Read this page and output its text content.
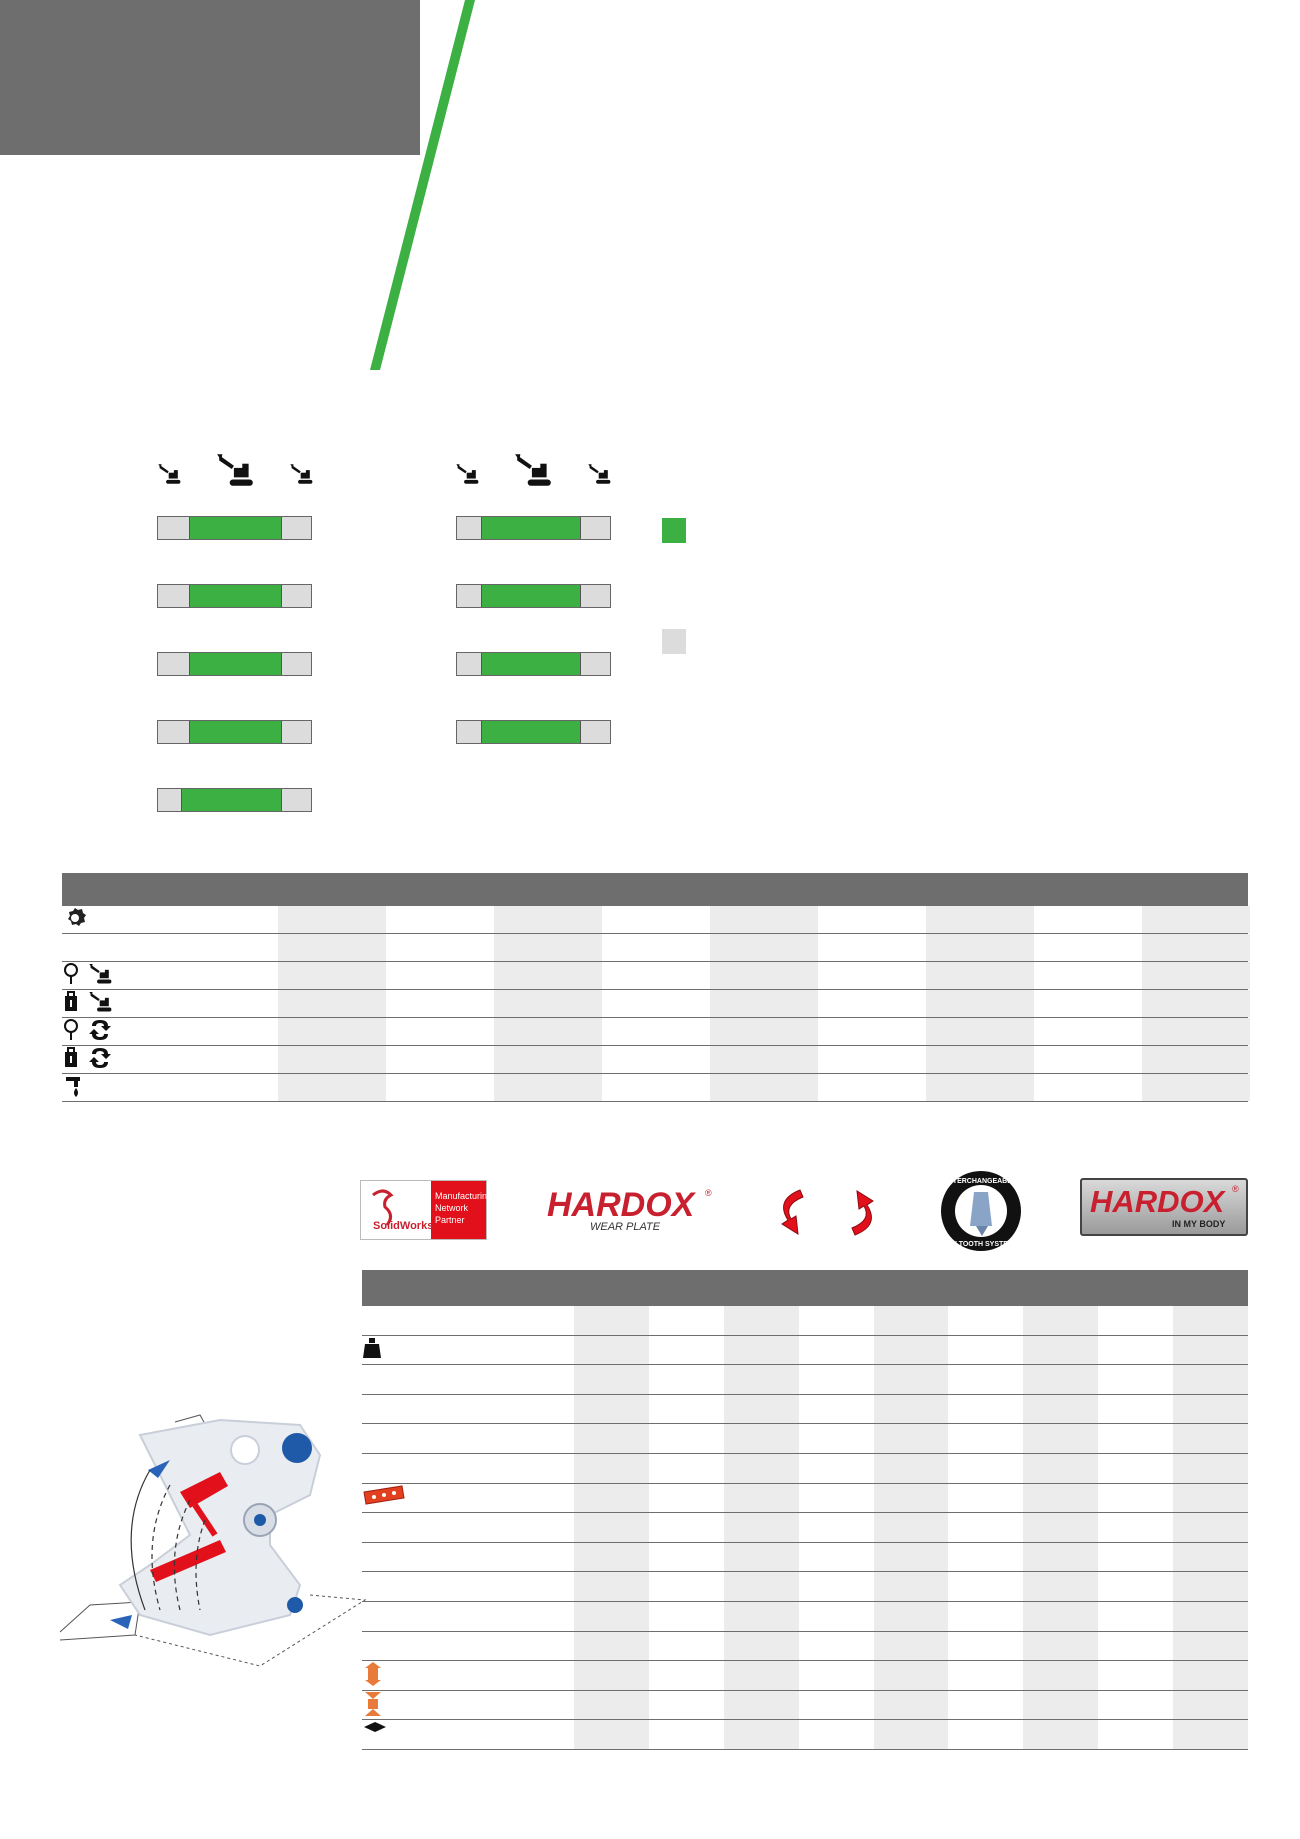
SolidWorks
Manufacturing
Network
Partner HARDOX ®
WEAR PLATE
INTERCHANGEABLE
3V TOOTH SYSTEM
HARDOX ®
IN MY BODY
